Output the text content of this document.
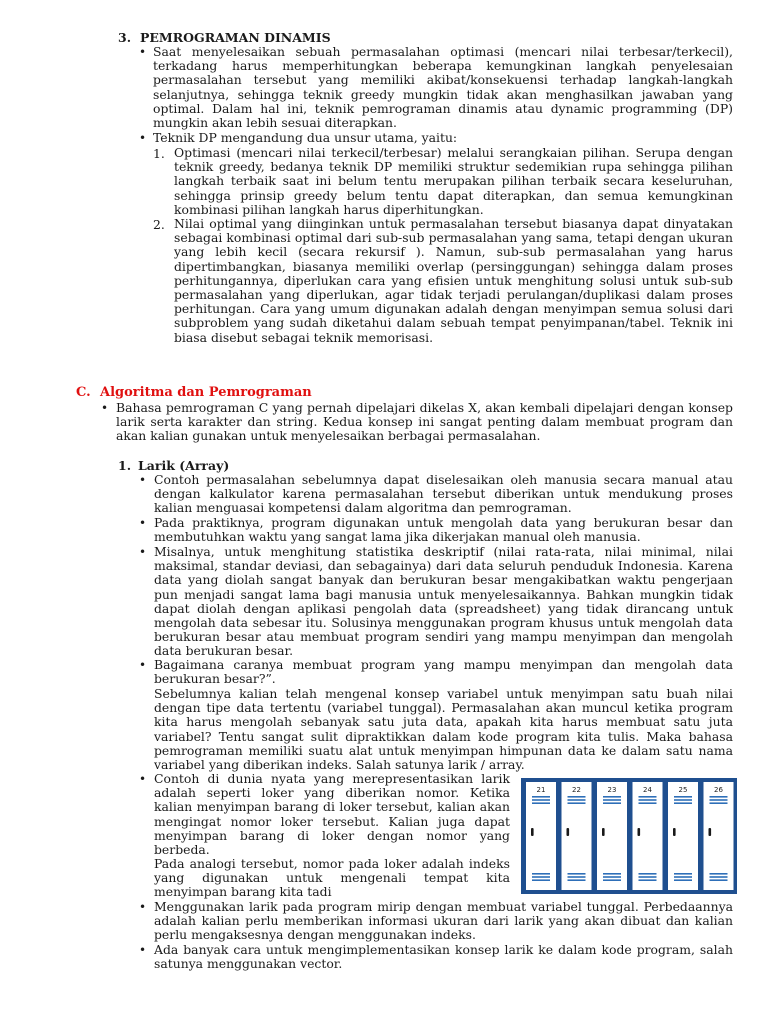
3. PEMROGRAMAN DINAMIS
• Saat menyelesaikan sebuah permasalahan optimasi (mencari nilai terbesar/terkecil), terkadang harus memperhitungkan beberapa kemungkinan langkah penyelesaian permasalahan tersebut yang memiliki akibat/konsekuensi terhadap langkah-langkah selanjutnya, sehingga teknik greedy mungkin tidak akan menghasilkan jawaban yang optimal. Dalam hal ini, teknik pemrograman dinamis atau dynamic programming (DP) mungkin akan lebih sesuai diterapkan.

• Teknik DP mengandung dua unsur utama, yaitu:

1. Optimasi (mencari nilai terkecil/terbesar) melalui serangkaian pilihan. Serupa dengan teknik greedy, bedanya teknik DP memiliki struktur sedemikian rupa sehingga pilihan langkah terbaik saat ini belum tentu merupakan pilihan terbaik secara keseluruhan, sehingga prinsip greedy belum tentu dapat diterapkan, dan semua kemungkinan kombinasi pilihan langkah harus diperhitungkan.

2. Nilai optimal yang diinginkan untuk permasalahan tersebut biasanya dapat dinyatakan sebagai kombinasi optimal dari sub-sub permasalahan yang sama, tetapi dengan ukuran yang lebih kecil (secara rekursif ). Namun, sub-sub permasalahan yang harus dipertimbangkan, biasanya memiliki overlap (persinggungan) sehingga dalam proses perhitungannya, diperlukan cara yang efisien untuk menghitung solusi untuk sub-sub permasalahan yang diperlukan, agar tidak terjadi perulangan/duplikasi dalam proses perhitungan. Cara yang umum digunakan adalah dengan menyimpan semua solusi dari subproblem yang sudah diketahui dalam sebuah tempat penyimpanan/tabel. Teknik ini biasa disebut sebagai teknik memorisasi.

C. Algoritma dan Pemrograman
• Bahasa pemrograman C yang pernah dipelajari dikelas X, akan kembali dipelajari dengan konsep larik serta karakter dan string. Kedua konsep ini sangat penting dalam membuat program dan akan kalian gunakan untuk menyelesaikan berbagai permasalahan.

1. Larik (Array)
• Contoh permasalahan sebelumnya dapat diselesaikan oleh manusia secara manual atau dengan kalkulator karena permasalahan tersebut diberikan untuk mendukung proses kalian menguasai kompetensi dalam algoritma dan pemrograman.

• Pada praktiknya, program digunakan untuk mengolah data yang berukuran besar dan membutuhkan waktu yang sangat lama jika dikerjakan manual oleh manusia.

• Misalnya, untuk menghitung statistika deskriptif (nilai rata-rata, nilai minimal, nilai maksimal, standar deviasi, dan sebagainya) dari data seluruh penduduk Indonesia. Karena data yang diolah sangat banyak dan berukuran besar mengakibatkan waktu pengerjaan pun menjadi sangat lama bagi manusia untuk menyelesaikannya. Bahkan mungkin tidak dapat diolah dengan aplikasi pengolah data (spreadsheet) yang tidak dirancang untuk mengolah data sebesar itu. Solusinya menggunakan program khusus untuk mengolah data berukuran besar atau membuat program sendiri yang mampu menyimpan dan mengolah data berukuran besar.

• Bagaimana caranya membuat program yang mampu menyimpan dan mengolah data berukuran besar?”.

Sebelumnya kalian telah mengenal konsep variabel untuk menyimpan satu buah nilai dengan tipe data tertentu (variabel tunggal). Permasalahan akan muncul ketika program kita harus mengolah sebanyak satu juta data, apakah kita harus membuat satu juta variabel? Tentu sangat sulit dipraktikkan dalam kode program kita tulis. Maka bahasa pemrograman memiliki suatu alat untuk menyimpan himpunan data ke dalam satu nama variabel yang diberikan indeks. Salah satunya larik / array.

• Contoh di dunia nyata yang merepresentasikan larik adalah seperti loker yang diberikan nomor. Ketika kalian menyimpan barang di loker tersebut, kalian akan mengingat nomor loker tersebut. Kalian juga dapat menyimpan barang di loker dengan nomor yang berbeda.

Pada analogi tersebut, nomor pada loker adalah indeks yang digunakan untuk mengenali tempat kita menyimpan barang kita tadi

21	22	23	24	25	26
• Menggunakan larik pada program mirip dengan membuat variabel tunggal. Perbedaannya adalah kalian perlu memberikan informasi ukuran dari larik yang akan dibuat dan kalian perlu mengaksesnya dengan menggunakan indeks.

• Ada banyak cara untuk mengimplementasikan konsep larik ke dalam kode program, salah satunya menggunakan vector.
